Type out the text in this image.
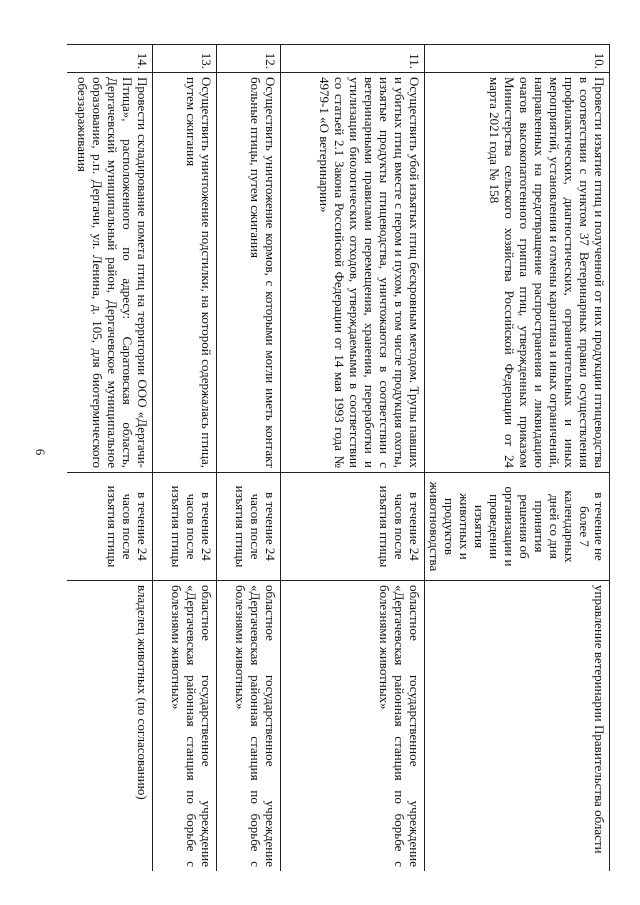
6
10.	Провести изъятие птиц и полученной от них продукции птицеводства в соответствии с пунктом 37 Ветеринарных правил осуществления профилактических, диагностических, ограничительных и иных мероприятий, установления и отмены карантина и иных ограничений, направленных на предотвращение распространения и ликвидацию очагов высокопатогенного гриппа птиц, утвержденных приказом Министерства сельского хозяйства Российской Федерации от 24 марта 2021 года № 158	в течение не более 7 календарных дней со дня принятия решения об организации и проведении изъятия животных и продуктов животноводства	управление ветеринарии Правительства области
11.	Осуществить убой изъятых птиц бескровным методом. Трупы павших и убитых птиц вместе с пером и пухом, в том числе продукция охоты, изъятые продукты птицеводства, уничтожаются в соответствии с ветеринарными правилами перемещения, хранения, переработки и утилизации биологических отходов, утверждаемыми в соответствии со статьей 2.1 Закона Российской Федерации от 14 мая 1993 года № 4979-1 «О ветеринарии»	в течение 24 часов после изъятия птицы	областное государственное учреждение «Дергачевская районная станция по борьбе с болезнями животных»
12.	Осуществить уничтожение кормов, с которыми могли иметь контакт больные птицы, путем сжигания	в течение 24 часов после изъятия птицы	областное государственное учреждение «Дергачевская районная станция по борьбе с болезнями животных»
13.	Осуществить уничтожение подстилки, на которой содержалась птица, путем сжигания	в течение 24 часов после изъятия птицы	областное государственное учреждение «Дергачевская районная станция по борьбе с болезнями животных»
14.	Провести складирование помета птиц на территории ООО «Дергачи-Птица», расположенного по адресу: Саратовская область, Дергачевский муниципальный район, Дергачевское муниципальное образование, р.п. Дергачи, ул. Ленина, д. 105, для биотермического обеззараживания	в течение 24 часов после изъятия птицы	владелец животных (по согласованию)
